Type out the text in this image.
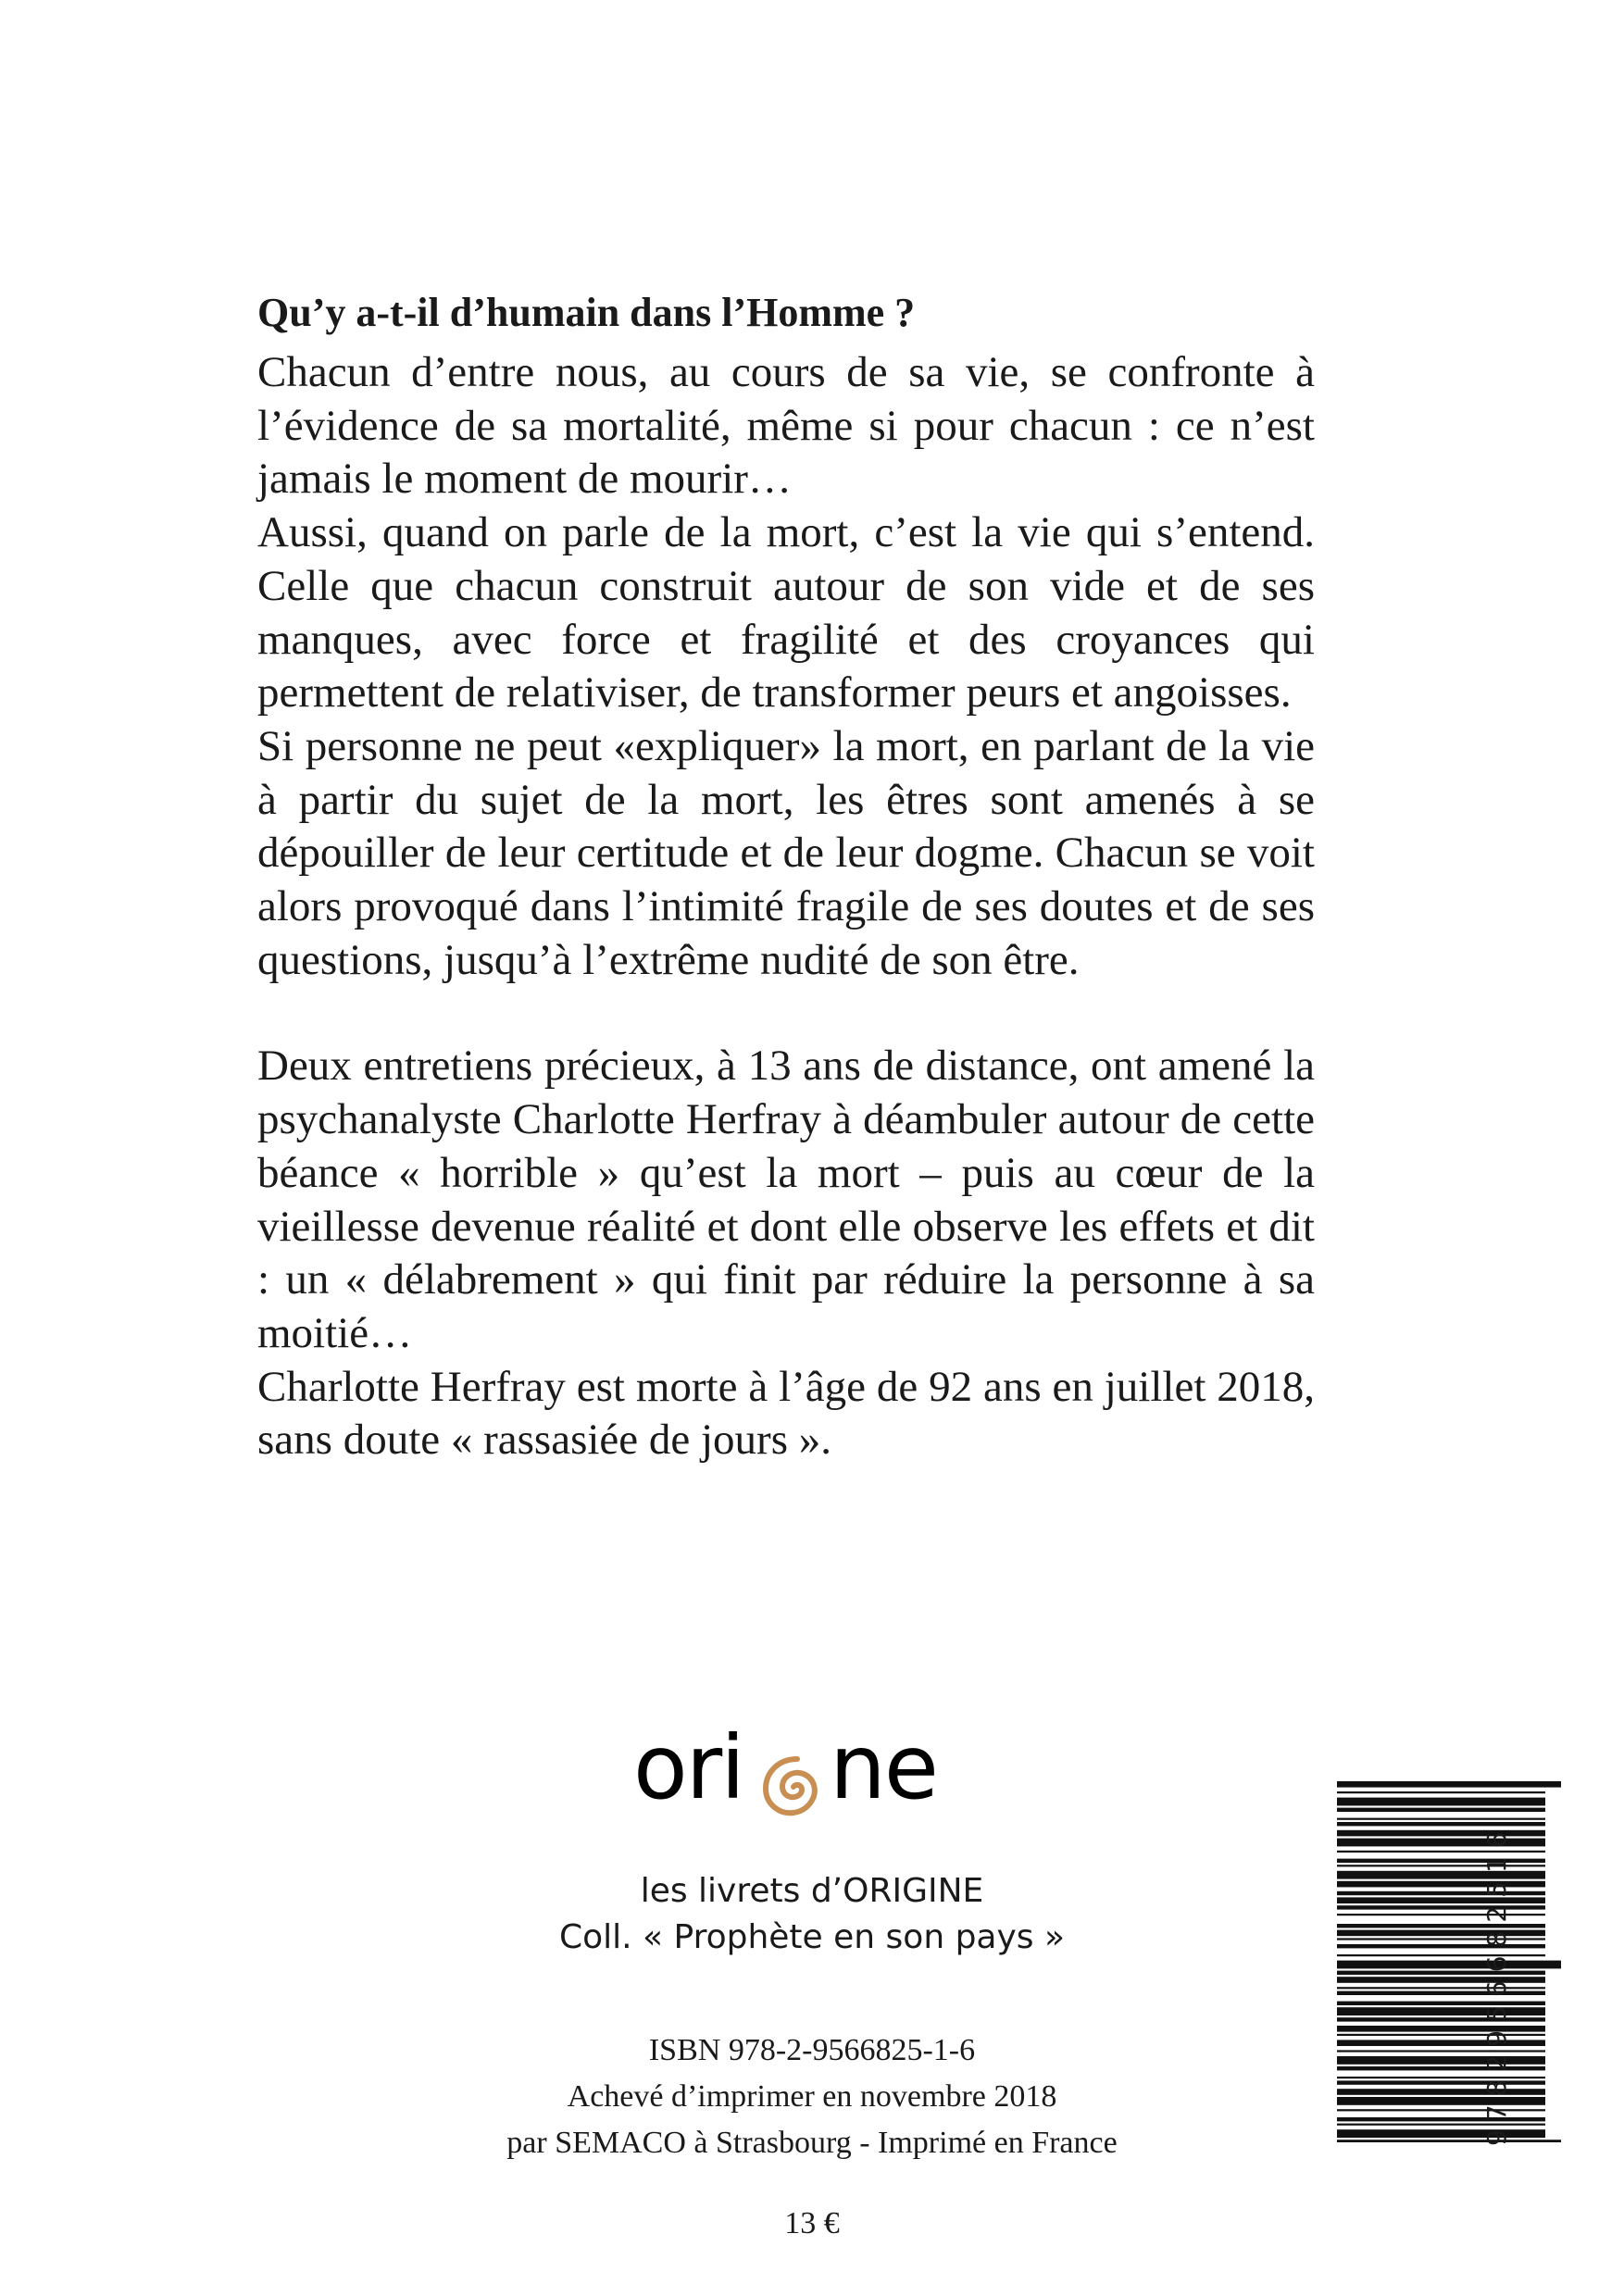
Qu’y a-t-il d’humain dans l’Homme ?

Chacun d’entre nous, au cours de sa vie, se confronte à l’évidence de sa mortalité, même si pour chacun : ce n’est jamais le moment de mourir…

Aussi, quand on parle de la mort, c’est la vie qui s’entend. Celle que chacun construit autour de son vide et de ses manques, avec force et fragilité et des croyances qui permettent de relativiser, de transformer peurs et angoisses.

Si personne ne peut «expliquer» la mort, en parlant de la vie à partir du sujet de la mort, les êtres sont amenés à se dépouiller de leur certitude et de leur dogme. Chacun se voit alors provoqué dans l’intimité fragile de ses doutes et de ses questions, jusqu’à l’extrême nudité de son être.

Deux entretiens précieux, à 13 ans de distance, ont amené la psychanalyste Charlotte Herfray à déambuler autour de cette béance « horrible » qu’est la mort – puis au cœur de la vieillesse devenue réalité et dont elle observe les effets et dit : un « délabrement » qui finit par réduire la personne à sa moitié…

Charlotte Herfray est morte à l’âge de 92 ans en juillet 2018, sans doute « rassasiée de jours ».

ori ne
les livrets d’ORIGINE
Coll. « Prophète en son pays »
ISBN 978-2-9566825-1-6
Achevé d’imprimer en novembre 2018
par SEMACO à Strasbourg - Imprimé en France
13 €
9782956682516
